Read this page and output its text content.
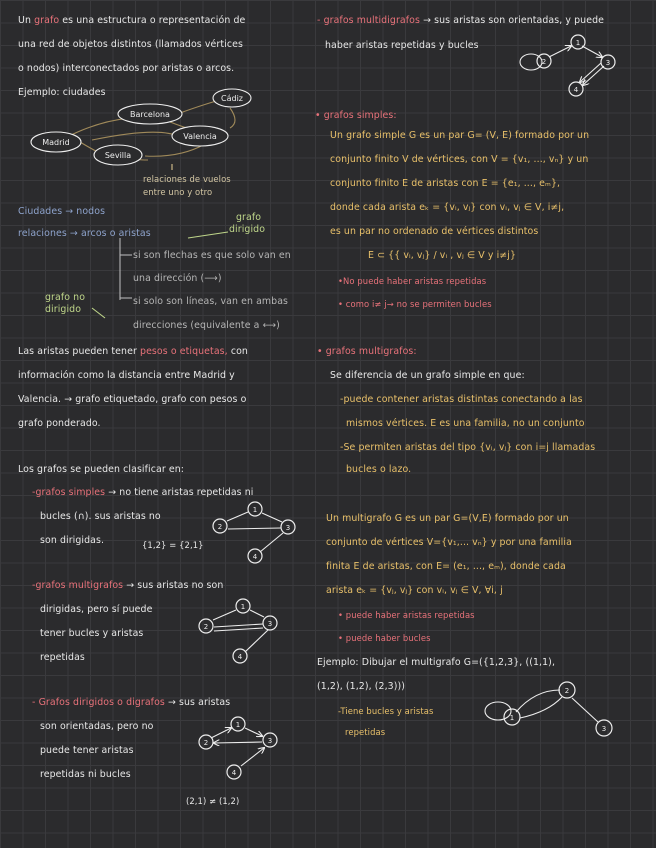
Un grafo es una estructura o representación de
una red de objetos distintos (llamados vértices
o nodos) interconectados por aristas o arcos.
Ejemplo: ciudades
Barcelona
Cádiz
Madrid
Valencia
Sevilla
relaciones de vuelos
entre uno y otro
Ciudades → nodos
relaciones → arcos o aristas
grafo
dirigido
si son flechas es que solo van en
una dirección (⟶)
grafo no
dirigido
si solo son líneas, van en ambas
direcciones (equivalente a ⟷)
Las aristas pueden tener pesos o etiquetas, con
información como la distancia entre Madrid y
Valencia. → grafo etiquetado, grafo con pesos o
grafo ponderado.
Los grafos se pueden clasificar en:
-grafos simples → no tiene aristas repetidas ni
bucles (∩). sus aristas no
son dirigidas.	{1,2} = {2,1}
1
2	3
4
-grafos multigrafos → sus aristas no son
dirigidas, pero sí puede
tener bucles y aristas
repetidas
1
2	3
4
- Grafos dirigidos o digrafos → sus aristas
son orientadas, pero no
puede tener aristas
repetidas ni bucles
(2,1) ≠ (1,2)
1
2	3
4
- grafos multidigrafos → sus aristas son orientadas, y puede
haber aristas repetidas y bucles	1
2	3
4
• grafos simples:
Un grafo simple G es un par G= (V, E) formado por un
conjunto finito V de vértices, con V = {v₁, ..., vₙ} y un
conjunto finito E de aristas con E = {e₁, ..., eₘ},
donde cada arista eₖ = {vᵢ, vⱼ} con vᵢ, vⱼ ∈ V, i≠j,
es un par no ordenado de vértices distintos
E ⊂ {{ vᵢ, vⱼ} / vᵢ , vⱼ ∈ V y i≠j}
•No puede haber aristas repetidas
• como i≠ j→ no se permiten bucles
• grafos multigrafos:
Se diferencia de un grafo simple en que:
-puede contener aristas distintas conectando a las
mismos vértices. E es una familia, no un conjunto
-Se permiten aristas del tipo {vᵢ, vⱼ} con i=j llamadas
bucles o lazo.
Un multigrafo G es un par G=(V,E) formado por un
conjunto de vértices V={v₁,... vₙ} y por una familia
finita E de aristas, con E= (e₁, ..., eₘ), donde cada
arista eₖ = {vⱼ, vⱼ} con vᵢ, vⱼ ∈ V, ∀i, j
• puede haber aristas repetidas
• puede haber bucles
Ejemplo: Dibujar el multigrafo G=({1,2,3}, ((1,1),
(1,2), (1,2), (2,3)))
-Tiene bucles y aristas
repetidas
1
2
3
